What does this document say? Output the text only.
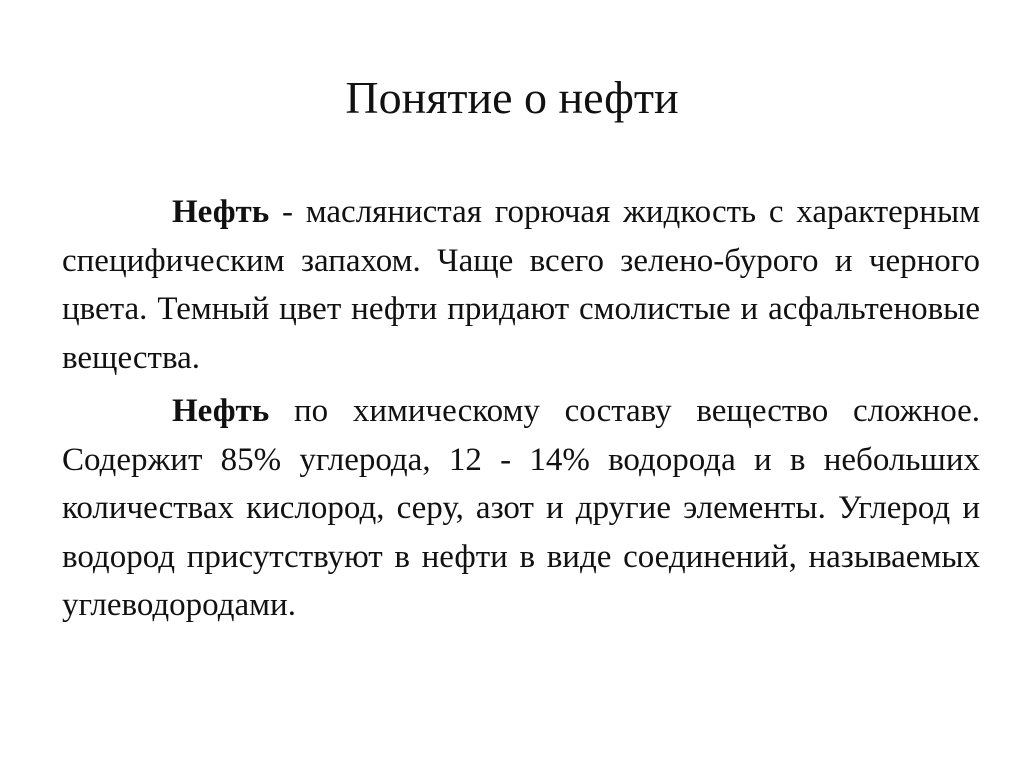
Понятие о нефти

Нефть - маслянистая горючая жидкость с характерным специфическим запахом. Чаще всего зелено-бурого и черного цвета. Темный цвет нефти придают смолистые и асфальтеновые вещества.

Нефть по химическому составу вещество сложное. Содержит 85% углерода, 12 - 14% водорода и в небольших количествах кислород, серу, азот и другие элементы. Углерод и водород присутствуют в нефти в виде соединений, называемых углеводородами.
